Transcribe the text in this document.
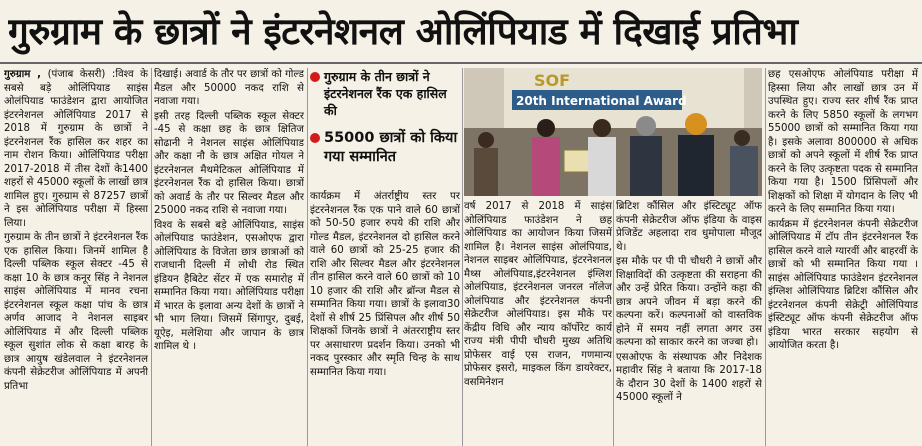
गुरुग्राम के छात्रों ने इंटरनेशनल ओलिंपियाड में दिखाई प्रतिभा

गुरुग्राम , (पंजाब केसरी) :विश्व के सबसे बड़े ओलिंपियाड साइंस ओलंपियाड फाउंडेशन द्वारा आयोजित इंटरनेशनल ओलिंपियाड 2017 से 2018 में गुरुग्राम के छात्रों ने इंटरनेशनल रैंक हासिल कर शहर का नाम रोशन किया। ओलिंपियाड परीक्षा 2017-2018 में तीस देशों के1400 शहरों से 45000 स्कूलों के लाखों छात्र शामिल हुए। गुरुग्राम से 87257 छात्रों ने इस ओलिंपियाड परीक्षा में हिस्सा लिया।

गुरुग्राम के तीन छात्रों ने इंटरनेशनल रैंक एक हासिल किया। जिनमें शामिल है दिल्ली पब्लिक स्कूल सेक्टर -45 से कक्षा 10 के छात्र कनूर सिंह ने नेशनल साइंस ओलिंपियाड में मानव रचना इंटरनेशनल स्कूल कक्षा पांच के छात्र अर्णव आजाद ने नेशनल साइबर ओलिंपियाड में और दिल्ली पब्लिक स्कूल सुशांत लोक से कक्षा बारह के छात्र आयुष खंडेलवाल ने इंटरनेशनल कंपनी सेक्रेटरीज ओलिंपियाड में अपनी प्रतिभा

दिखाई। अवार्ड के तौर पर छात्रों को गोल्ड मैडल और 50000 नकद राशि से नवाजा गया।

इसी तरह दिल्ली पब्लिक स्कूल सेक्टर -45 से कक्षा छह के छात्र क्षितिज सोढानी ने नेशनल साइंस ओलिंपियाड और कक्षा नौ के छात्र अक्षित गोयल ने इंटरनेशनल मैथमेटिकल ओलिंपियाड में इंटरनेशनल रैंक दो हासिल किया। छात्रों को अवार्ड के तौर पर सिल्वर मैडल और 25000 नकद राशि से नवाजा गया।

विश्व के सबसे बड़े ओलिंपियाड, साइंस ओलंपियाड फाउंडेशन, एसओएफ द्वारा ओलिंपियाड के विजेता छात्र छात्राओं को राजधानी दिल्ली में लोधी रोड स्थित इंडियन हैबिटेट सेंटर में एक समारोह में सम्मानित किया गया। ओलिंपियाड परीक्षा में भारत के इलावा अन्य देशों के छात्रों ने भी भाग लिया। जिसमें सिंगापुर, दुबई, यूऐइ, मलेशिया और जापान के छात्र शामिल थे ।

गुरुग्राम के तीन छात्रों ने इंटरनेशनल रैंक एक हासिल की
55000 छात्रों को किया गया सम्मानित

कार्यक्रम में अंतर्राष्ट्रीय स्तर पर इंटरनेशनल रैंक एक पाने वाले 60 छात्रों को 50-50 हजार रुपये की राशि और गोल्ड मैडल, इंटरनेशनल दो हासिल करने वाले 60 छात्रों को 25-25 हजार की राशि और सिल्वर मैडल और इंटरनेशनल तीन हासिल करने वाले 60 छात्रों को 10 10 हजार की राशि और ब्रॉन्ज मैडल से सम्मानित किया गया। छात्रों के इलावा30 देशों से शीर्ष 25 प्रिंसिपल और शीर्ष 50 शिक्षकों जिनके छात्रों ने अंतरराष्ट्रीय स्तर पर असाधारण प्रदर्शन किया। उनको भी नकद पुरस्कार और स्मृति चिन्ह के साथ सम्मानित किया गया।

SOF
20th International Award

वर्ष 2017 से 2018 में साइंस ओलिंपियाड फाउंडेशन ने छह ओलिंपियाड का आयोजन किया जिसमें शामिल है। नेशनल साइंस ओलंपियाड, नेशनल साइबर ओलिंपियाड, इंटरनेशनल मैथ्स ओलंपियाड,इंटरनेशनल इंग्लिश ओलंपियाड, इंटरनेशनल जनरल नॉलेज ओलंपियाड और इंटरनेशनल कंपनी सेक्रेटरीज ओलंपियाड। इस मौके पर केंद्रीय विधि और न्याय कॉर्पोरेट कार्य राज्य मंत्री पीपी चौधरी मुख्य अतिथि प्रोफेसर वाई एस राजन, गणमान्य प्रोफेसर इसरो, माइकल किंग डायरेक्टर, वसमिनेशन

ब्रिटिश कौंसिल और इंस्टिट्यूट ऑफ कंपनी सेक्रेटरीज ऑफ इंडिया के वाइस प्रेजिडेंट अहलादा राव धुमोपाला मौजूद थे।

इस मौके पर पी पी चौधरी ने छात्रों और शिक्षाविदों की उत्कृष्टता की सराहना की और उन्हें प्रेरित किया। उन्होंने कहा की छात्र अपने जीवन में बड़ा करने की कल्पना करें। कल्पनाओं को वास्तविक होने में समय नहीं लगता अगर उस कल्पना को साकार करने का जज्बा हो।

एसओएफ के संस्थापक और निदेशक महावीर सिंह ने बताया कि 2017-18 के दौरान 30 देशों के 1400 शहरों से 45000 स्कूलों ने

छह एसओएफ ओलंपियाड परीक्षा में हिस्सा लिया और लाखों छात्र उन में उपस्थित हुए। राज्य स्तर शीर्ष रैंक प्राप्त करने के लिए 5850 स्कूलों के लगभग 55000 छात्रों को सम्मानित किया गया है। इसके अलावा 800000 से अधिक छात्रों को अपने स्कूलों में शीर्ष रैंक प्राप्त करने के लिए उत्कृष्टता पदक से सम्मानित किया गया है। 1500 प्रिंसिपलों और शिक्षकों को शिक्षा में योगदान के लिए भी करने के लिए सम्मानित किया गया।

कार्यक्रम में इंटरनेशनल कंपनी सेक्रेटरीज ओलिंपियाड में टॉप तीन इंटरनेशनल रैंक हासिल करने वाले ग्यारवीं और बाहरवीं के छात्रों को भी सम्मानित किया गया । साइंस ओलिंपियाड फाउंडेशन इंटरनेशनल इंग्लिश ओलिंपियाड ब्रिटिश कौंसिल और इंटरनेशनल कंपनी सेक्रेट्री ओलिंपियाड इंस्टिट्यूट ऑफ कंपनी सेक्रेटरीज ऑफ इंडिया भारत सरकार सहयोग से आयोजित करता है।
